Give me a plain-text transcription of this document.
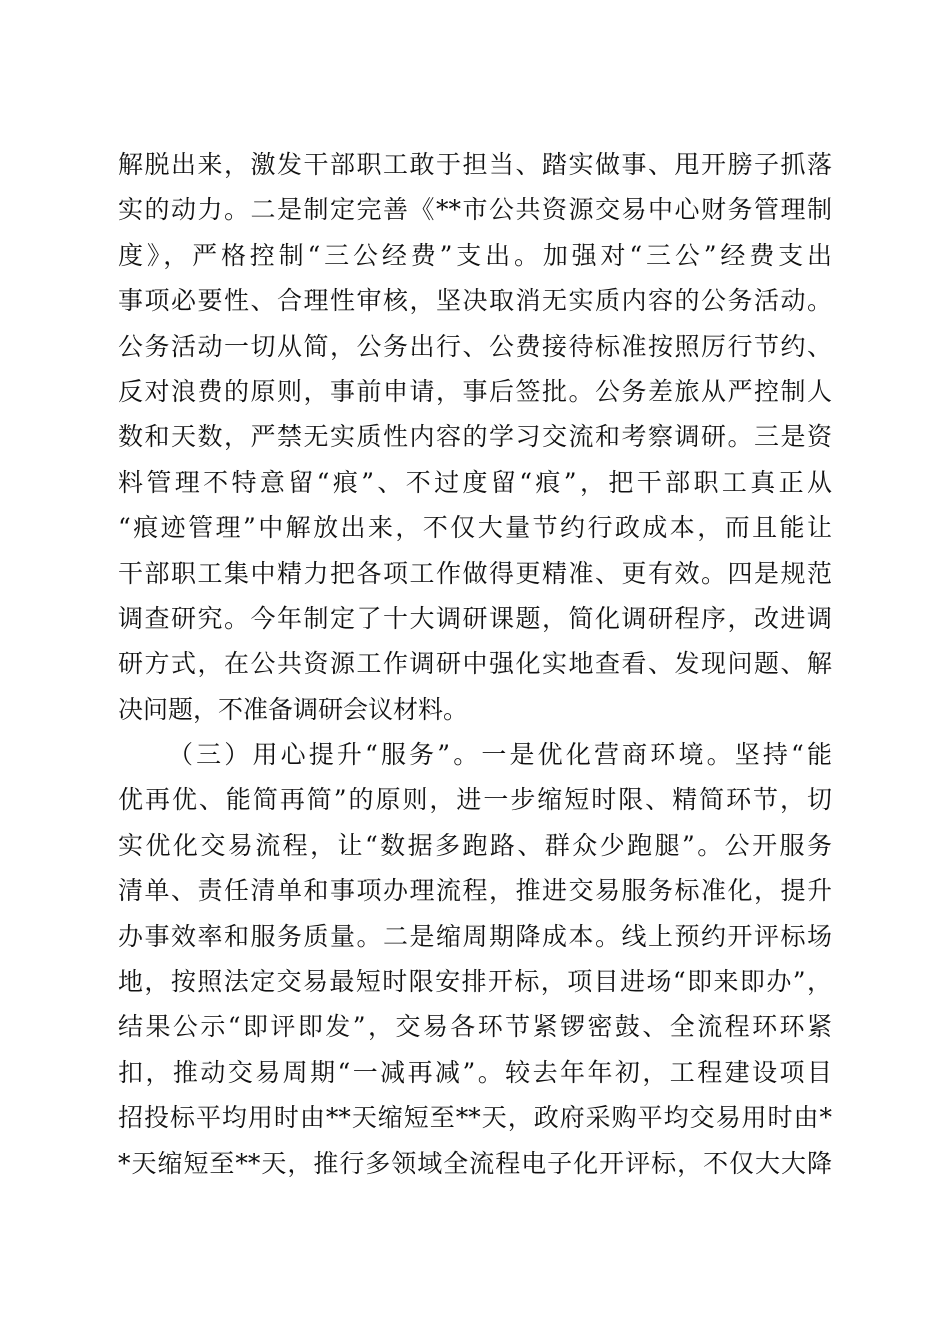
解脱出来，激发干部职工敢于担当、踏实做事、甩开膀子抓落
实的动力。二是制定完善《**市公共资源交易中心财务管理制
度》，严格控制“三公经费”支出。加强对“三公”经费支出
事项必要性、合理性审核，坚决取消无实质内容的公务活动。
公务活动一切从简，公务出行、公费接待标准按照厉行节约、
反对浪费的原则，事前申请，事后签批。公务差旅从严控制人
数和天数，严禁无实质性内容的学习交流和考察调研。三是资
料管理不特意留“痕”、不过度留“痕”，把干部职工真正从
“痕迹管理”中解放出来，不仅大量节约行政成本，而且能让
干部职工集中精力把各项工作做得更精准、更有效。四是规范
调查研究。今年制定了十大调研课题，简化调研程序，改进调
研方式，在公共资源工作调研中强化实地查看、发现问题、解
决问题，不准备调研会议材料。
（三）用心提升“服务”。一是优化营商环境。坚持“能
优再优、能简再简”的原则，进一步缩短时限、精简环节，切
实优化交易流程，让“数据多跑路、群众少跑腿”。公开服务
清单、责任清单和事项办理流程，推进交易服务标准化，提升
办事效率和服务质量。二是缩周期降成本。线上预约开评标场
地，按照法定交易最短时限安排开标，项目进场“即来即办”，
结果公示“即评即发”，交易各环节紧锣密鼓、全流程环环紧
扣，推动交易周期“一减再减”。较去年年初，工程建设项目
招投标平均用时由**天缩短至**天，政府采购平均交易用时由*
*天缩短至**天，推行多领域全流程电子化开评标，不仅大大降
